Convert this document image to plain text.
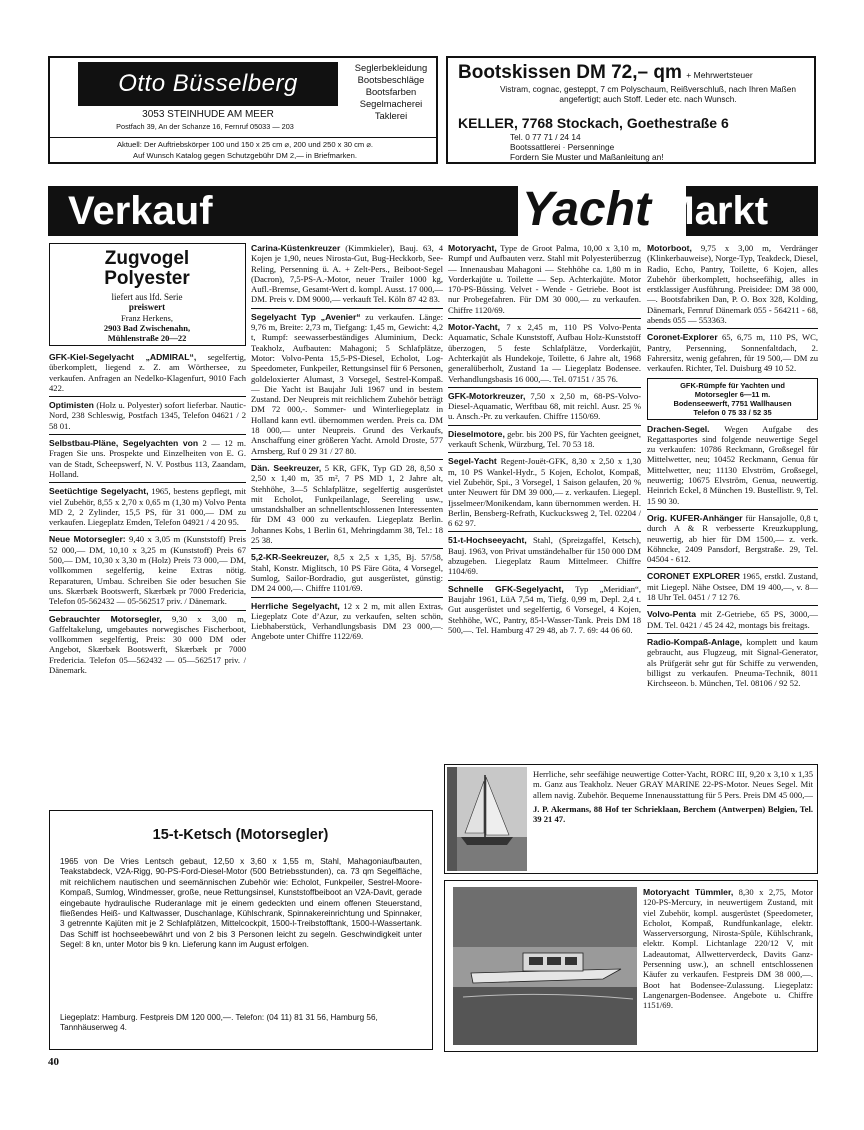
Otto Büsselberg
3053 STEINHUDE AM MEER
Postfach 39, An der Schanze 16, Fernruf 05033 — 203
Seglerbekleidung
Bootsbeschläge
Bootsfarben
Segelmacherei
Taklerei
Aktuell: Der Auftriebskörper 100 und 150 x 25 cm ⌀, 200 und 250 x 30 cm ⌀.
Auf Wunsch Katalog gegen Schutzgebühr DM 2,— in Briefmarken.
Bootskissen DM 72,– qm + Mehrwertsteuer
Vistram, cognac, gesteppt, 7 cm Polyschaum, Reißverschluß, nach Ihren Maßen angefertigt; auch Stoff. Leder etc. nach Wunsch.
KELLER, 7768 Stockach, Goethestraße 6
Tel. 0 77 71 / 24 14
Bootssattlerei · Persenninge
Fordern Sie Muster und Maßanleitung an!
Verkauf	Yacht
-Markt
Zugvogel
Polyester
liefert aus lfd. Serie
preiswert
Franz Herkens,
2903 Bad Zwischenahn,
Mühlenstraße 20—22

GFK-Kiel-Segelyacht „ADMIRAL“, segelfertig, überkomplett, liegend z. Z. am Wörthersee, zu verkaufen. Anfragen an Nedelko-Klagenfurt, 9010 Fach 422.

Optimisten (Holz u. Polyester) sofort lieferbar. Nautic-Nord, 238 Schleswig, Postfach 1345, Telefon 04621 / 2 58 01.

Selbstbau-Pläne, Segelyachten von 2 — 12 m. Fragen Sie uns. Prospekte und Einzelheiten von E. G. van de Stadt, Scheepswerf, N. V. Postbus 113, Zaandam, Holland.

Seetüchtige Segelyacht, 1965, bestens gepflegt, mit viel Zubehör, 8,55 x 2,70 x 0,65 m (1,30 m) Volvo Penta MD 2, 2 Zylinder, 15,5 PS, für 31 000,— DM zu verkaufen. Liegeplatz Emden, Telefon 04921 / 4 20 95.

Neue Motorsegler: 9,40 x 3,05 m (Kunststoff) Preis 52 000,— DM, 10,10 x 3,25 m (Kunststoff) Preis 67 500,— DM, 10,30 x 3,30 m (Holz) Preis 73 000,— DM, vollkommen segelfertig, keine Extras nötig. Reparaturen, Umbau. Schreiben Sie oder besuchen Sie uns. Skærbæk Bootswerft, Skærbæk pr 7000 Fredericia, Telefon 05-562432 — 05-562517 priv. / Dänemark.

Gebrauchter Motorsegler, 9,30 x 3,00 m, Gaffeltakelung, umgebautes norwegisches Fischerboot, vollkommen segelfertig, Preis: 30 000 DM oder Angebot, Skærbæk Bootswerft, Skærbæk pr 7000 Fredericia. Telefon 05—562432 — 05—562517 priv. / Dänemark.

Carina-Küstenkreuzer (Kimmkieler), Bauj. 63, 4 Kojen je 1,90, neues Nirosta-Gut, Bug-Heckkorb, See-Reling, Persenning ü. A. + Zelt-Pers., Beiboot-Segel (Dacron), 7,5-PS-A.-Motor, neuer Trailer 1000 kg, Aufl.-Bremse, Gesamt-Wert d. kompl. Ausst. 17 000,— DM. Preis v. DM 9000,— verkauft Tel. Köln 87 42 83.

Segelyacht Typ „Avenier“ zu verkaufen. Länge: 9,76 m, Breite: 2,73 m, Tiefgang: 1,45 m, Gewicht: 4,2 t, Rumpf: seewasserbeständiges Aluminium, Deck: Teakholz, Aufbauten: Mahagoni; 5 Schlafplätze, Motor: Volvo-Penta 15,5-PS-Diesel, Echolot, Log-Speedometer, Funkpeiler, Rettungsinsel für 6 Personen, goldeloxierter Alumast, 3 Vorsegel, Sestrel-Kompaß. — Die Yacht ist Baujahr Juli 1967 und in bestem Zustand. Der Neupreis mit reichlichem Zubehör beträgt DM 72 000,-. Sommer- und Winterliegeplatz in Holland kann evtl. übernommen werden. Preis ca. DM 18 000,— unter Neupreis. Grund des Verkaufs, Anschaffung einer größeren Yacht. Arnold Droste, 577 Arnsberg, Ruf 0 29 31 / 27 80.

Dän. Seekreuzer, 5 KR, GFK, Typ GD 28, 8,50 x 2,50 x 1,40 m, 35 m², 7 PS MD 1, 2 Jahre alt, Stehhöhe, 3—5 Schlafplätze, segelfertig ausgerüstet mit Echolot, Funkpeilanlage, Seereling usw., umstandshalber an schnellentschlossenen Interessenten für DM 43 000 zu verkaufen. Liegeplatz Berlin. Johannes Kobs, 1 Berlin 61, Mehringdamm 38, Tel.: 18 25 38.

5,2-KR-Seekreuzer, 8,5 x 2,5 x 1,35, Bj. 57/58, Stahl, Konstr. Miglitsch, 10 PS Färe Göta, 4 Vorsegel, Sumlog, Sailor-Bordradio, gut ausgerüstet, günstig: DM 24 000,—. Chiffre 1101/69.

Herrliche Segelyacht, 12 x 2 m, mit allen Extras, Liegeplatz Cote d’Azur, zu verkaufen, selten schön, Liebhaberstück, Verhandlungsbasis DM 23 000,—. Angebote unter Chiffre 1122/69.

Motoryacht, Type de Groot Palma, 10,00 x 3,10 m, Rumpf und Aufbauten verz. Stahl mit Polyesterüberzug — Innenausbau Mahagoni — Stehhöhe ca. 1,80 m in Vorderkajüte u. Toilette — Sep. Achterkajüte. Motor 170-PS-Büssing. Velvet - Wende - Getriebe. Boot ist nur Probegefahren. Für DM 30 000,— zu verkaufen. Chiffre 1120/69.

Motor-Yacht, 7 x 2,45 m, 110 PS Volvo-Penta Aquamatic, Schale Kunststoff, Aufbau Holz-Kunststoff überzogen, 5 feste Schlafplätze, Vorderkajüt, Achterkajüt als Hundekoje, Toilette, 6 Jahre alt, 1968 generalüberholt, Zustand 1a — Liegeplatz Bodensee. Verhandlungsbasis 16 000,—. Tel. 07151 / 35 76.

GFK-Motorkreuzer, 7,50 x 2,50 m, 68-PS-Volvo-Diesel-Aquamatic, Werftbau 68, mit reichl. Ausr. 25 % u. Ansch.-Pr. zu verkaufen. Chiffre 1150/69.

Dieselmotore, gebr. bis 200 PS, für Yachten geeignet, verkauft Schenk, Würzburg, Tel. 70 53 18.

Segel-Yacht Regent-Jouët-GFK, 8,30 x 2,50 x 1,30 m, 10 PS Wankel-Hydr., 5 Kojen, Echolot, Kompaß, viel Zubehör, Spi., 3 Vorsegel, 1 Saison gelaufen, 20 % unter Neuwert für DM 39 000,— z. verkaufen. Liegepl. Ijsselmeer/Monikendam, kann übernommen werden. H. Berlin, Bensberg-Refrath, Kuckucksweg 2, Tel. 02204 / 6 62 97.

51-t-Hochseeyacht, Stahl, (Spreizgaffel, Ketsch), Bauj. 1963, von Privat umständehalber für 150 000 DM abzugeben. Liegeplatz Raum Mittelmeer. Chiffre 1104/69.

Schnelle GFK-Segelyacht, Typ „Meridian“, Baujahr 1961, LüA 7,54 m, Tiefg. 0,99 m, Depl. 2,4 t. Gut ausgerüstet und segelfertig, 6 Vorsegel, 4 Kojen, Stehhöhe, WC, Pantry, 85-l-Wasser-Tank. Preis DM 18 500,—. Tel. Hamburg 47 29 48, ab 7. 7. 69: 44 06 60.

Motorboot, 9,75 x 3,00 m, Verdränger (Klinkerbauweise), Norge-Typ, Teakdeck, Diesel, Radio, Echo, Pantry, Toilette, 6 Kojen, alles Zubehör überkomplett, hochseefähig, alles in erstklassiger Ausführung. Preisidee: DM 38 000,—. Bootsfabriken Dan, P. O. Box 328, Kolding, Dänemark, Fernruf Dänemark 055 - 564211 - 68, abends 055 — 553363.

Coronet-Explorer 65, 6,75 m, 110 PS, WC, Pantry, Persenning, Sonnenfaltdach, 2. Fahrersitz, wenig gefahren, für 19 500,— DM zu verkaufen. Richter, Tel. Duisburg 49 10 52.

GFK-Rümpfe für Yachten und
Motorsegler 6—11 m.
Bodenseewerft, 7751 Wallhausen
Telefon 0 75 33 / 52 35

Drachen-Segel. Wegen Aufgabe des Regattasportes sind folgende neuwertige Segel zu verkaufen: 10786 Reckmann, Großsegel für Mittelwetter, neu; 10452 Reckmann, Genua für Mittelwetter, neu; 11130 Elvström, Großsegel, neuwertig; 10675 Elvström, Genua, neuwertig. Heinrich Eckel, 8 München 19. Bustellistr. 9, Tel. 15 90 30.

Orig. KUFER-Anhänger für Hansajolle, 0,8 t, durch A & R verbesserte Kreuzkupplung, neuwertig, ab hier für DM 1500,— z. verk. Köhncke, 2409 Pansdorf, Bergstraße. 29, Tel. 04504 - 612.

CORONET EXPLORER 1965, erstkl. Zustand, mit Liegepl. Nähe Ostsee, DM 19 400,—, v. 8—18 Uhr Tel. 0451 / 7 12 76.

Volvo-Penta mit Z-Getriebe, 65 PS, 3000,— DM. Tel. 0421 / 45 24 42, montags bis freitags.

Radio-Kompaß-Anlage, komplett und kaum gebraucht, aus Flugzeug, mit Signal-Generator, als Prüfgerät sehr gut für Schiffe zu verwenden, billigst zu verkaufen. Pneuma-Technik, 8011 Kirchseeon. b. München, Tel. 08106 / 92 52.

Herrliche, sehr seefähige neuwertige Cotter-Yacht, RORC III, 9,20 x 3,10 x 1,35 m. Ganz aus Teakholz. Neuer GRAY MARINE 22-PS-Motor. Neues Segel. Mit allem navig. Zubehör. Bequeme Innenausstattung für 5 Pers. Preis DM 45 000,—
J. P. Akermans, 88 Hof ter Schrieklaan, Berchem (Antwerpen) Belgien, Tel. 39 21 47.
Motoryacht Tümmler, 8,30 x 2,75, Motor 120-PS-Mercury, in neuwertigem Zustand, mit viel Zubehör, kompl. ausgerüstet (Speedometer, Echolot, Kompaß, Rundfunkanlage, elektr. Wasserversorgung, Nirosta-Spüle, Kühlschrank, elektr. Kompl. Lichtanlage 220/12 V, mit Ladeautomat, Allwetterverdeck, Davits Ganz-Persenning usw.), an schnell entschlossenen Käufer zu verkaufen. Festpreis DM 38 000,—. Boot hat Bodensee-Zulassung. Liegeplatz: Langenargen-Bodensee. Angebote u. Chiffre 1151/69.
15-t-Ketsch (Motorsegler)
1965 von De Vries Lentsch gebaut, 12,50 x 3,60 x 1,55 m, Stahl, Mahagoniaufbauten, Teakstabdeck, V2A-Rigg, 90-PS-Ford-Diesel-Motor (500 Betriebsstunden), ca. 73 qm Segelfläche, mit reichlichem nautischen und seemännischen Zubehör wie: Echolot, Funkpeiler, Sestrel-Moore-Kompaß, Sumlog, Windmesser, große, neue Rettungsinsel, Kunststoffbeiboot an V2A-Davit, gerade eingebaute hydraulische Ruderanlage mit je einem gedeckten und einem offenen Steuerstand, fließendes Heiß- und Kaltwasser, Duschanlage, Kühlschrank, Spinnakereinrichtung und Spinnaker, 3 getrennte Kajüten mit je 2 Schlafplätzen, Mittelcockpit, 1500-l-Treibstofftank, 1500-l-Wassertank. Das Schiff ist hochseebewährt und von 2 bis 3 Personen leicht zu segeln. Geschwindigkeit unter Segel: 8 kn, unter Motor bis 9 kn. Lieferung kann im August erfolgen.
Liegeplatz: Hamburg. Festpreis DM 120 000,—. Telefon: (04 11) 81 31 56, Hamburg 56, Tannhäuserweg 4.
40
